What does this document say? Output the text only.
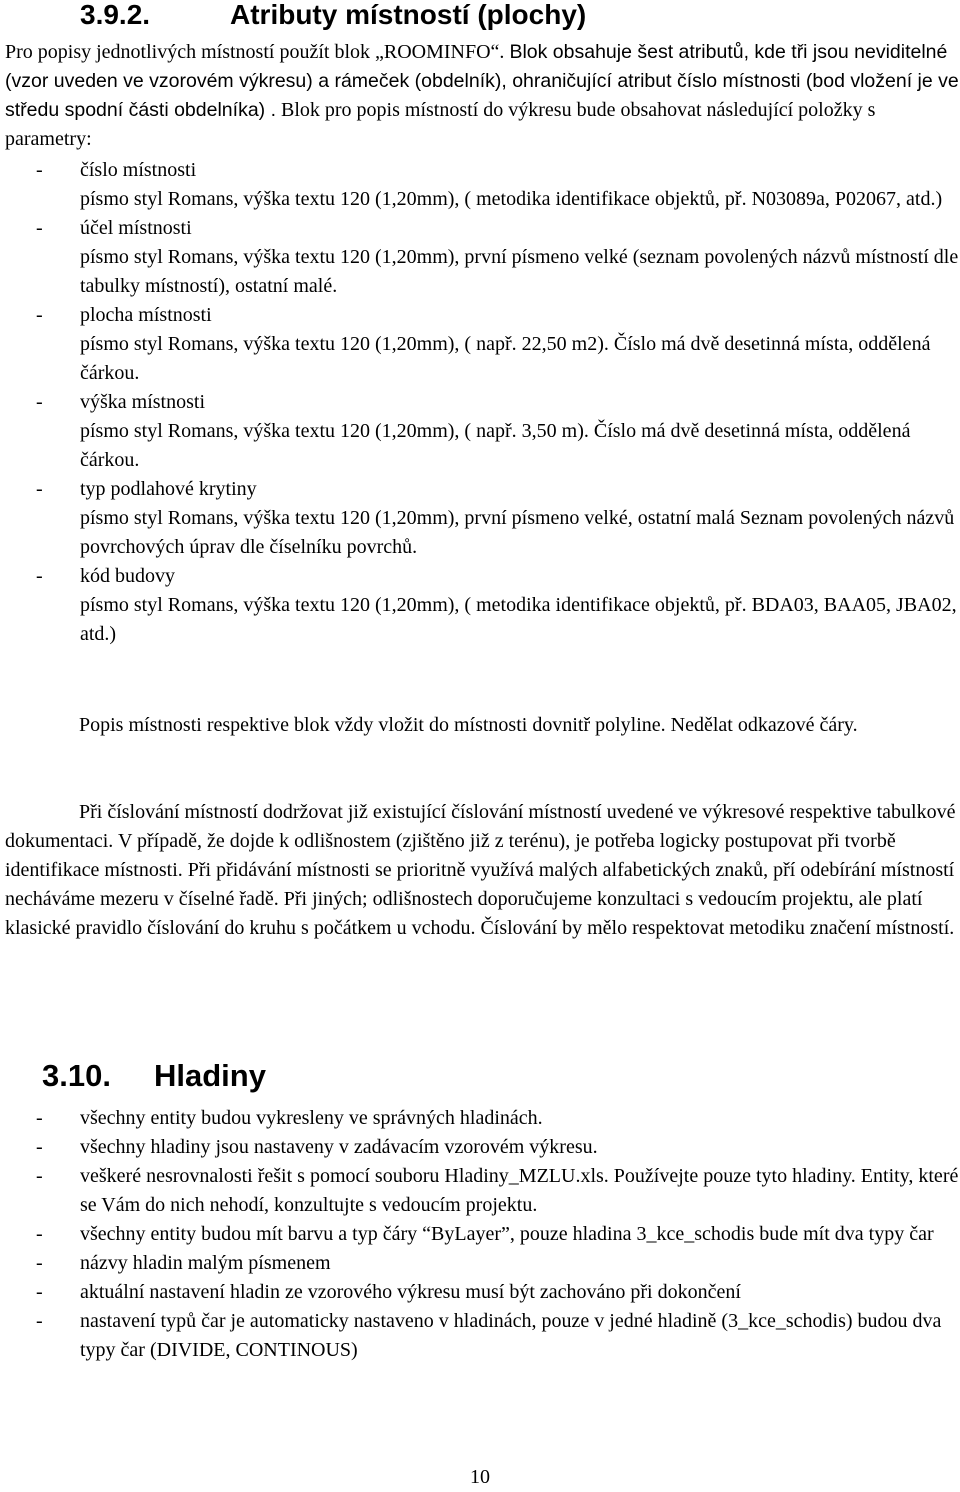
3.9.2.	Atributy místností (plochy)

Pro popisy jednotlivých místností použít blok „ROOMINFO“. Blok obsahuje šest atributů, kde tři jsou neviditelné (vzor uveden ve vzorovém výkresu) a rámeček (obdelník), ohraničující atribut číslo místnosti (bod vložení je ve středu spodní části obdelníka) . Blok pro popis místností do výkresu bude obsahovat následující položky s parametry:

- číslo místnosti
písmo styl Romans, výška textu 120 (1,20mm), ( metodika identifikace objektů, př. N03089a, P02067, atd.)
- účel místnosti
písmo styl Romans, výška textu 120 (1,20mm), první písmeno velké (seznam povolených názvů místností dle tabulky místností), ostatní malé.
- plocha místnosti
písmo styl Romans, výška textu 120 (1,20mm), ( např. 22,50 m2). Číslo má dvě desetinná místa, oddělená čárkou.
- výška místnosti
písmo styl Romans, výška textu 120 (1,20mm), ( např. 3,50 m). Číslo má dvě desetinná místa, oddělená čárkou.
- typ podlahové krytiny
písmo styl Romans, výška textu 120 (1,20mm), první písmeno velké, ostatní malá Seznam povolených názvů povrchových úprav dle číselníku povrchů.
- kód budovy
písmo styl Romans, výška textu 120 (1,20mm), ( metodika identifikace objektů, př. BDA03, BAA05, JBA02, atd.)

Popis místnosti respektive blok vždy vložit do místnosti dovnitř polyline. Nedělat odkazové čáry.

Při číslování místností dodržovat již existující číslování místností uvedené ve výkresové respektive tabulkové dokumentaci. V případě, že dojde k odlišnostem (zjištěno již z terénu), je potřeba logicky postupovat při tvorbě identifikace místnosti. Při přidávání místnosti se prioritně využívá malých alfabetických znaků, pří odebírání místností necháváme mezeru v číselné řadě. Při jiných; odlišnostech doporučujeme konzultaci s vedoucím projektu, ale platí klasické pravidlo číslování do kruhu s počátkem u vchodu. Číslování by mělo respektovat metodiku značení místností.

3.10. Hladiny
- všechny entity budou vykresleny ve správných hladinách.
- všechny hladiny jsou nastaveny v zadávacím vzorovém výkresu.
- veškeré nesrovnalosti řešit s pomocí souboru Hladiny_MZLU.xls. Používejte pouze tyto hladiny. Entity, které se Vám do nich nehodí, konzultujte s vedoucím projektu.
- všechny entity budou mít barvu a typ čáry “ByLayer”, pouze hladina 3_kce_schodis bude mít dva typy čar
- názvy hladin malým písmenem
- aktuální nastavení hladin ze vzorového výkresu musí být zachováno při dokončení
- nastavení typů čar je automaticky nastaveno v hladinách, pouze v jedné hladině (3_kce_schodis) budou dva typy čar (DIVIDE, CONTINOUS)
10
